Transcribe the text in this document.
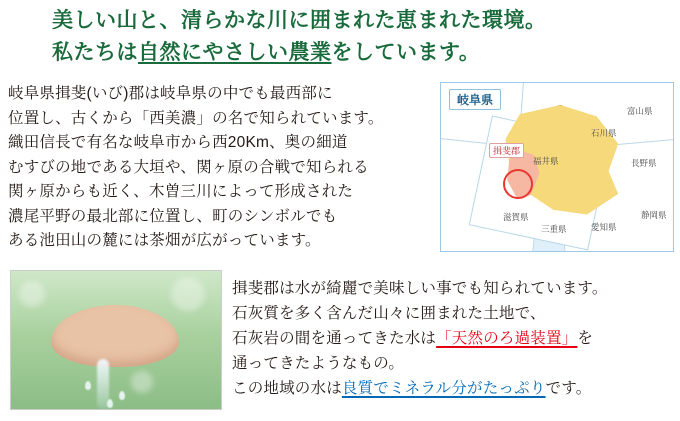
美しい山と、清らかな川に囲まれた恵まれた環境。
私たちは自然にやさしい農業をしています。
岐阜県揖斐(いび)郡は岐阜県の中でも最西部に
位置し、古くから「西美濃」の名で知られています。
織田信長で有名な岐阜市から西20Km、奥の細道
むすびの地である大垣や、関ヶ原の合戦で知られる
関ヶ原からも近く、木曽三川によって形成された
濃尾平野の最北部に位置し、町のシンボルでも
ある池田山の麓には茶畑が広がっています。
揖斐郡
岐阜県
富山県
石川県
福井県	長野県
滋賀県
三重県	愛知県
静岡県
揖斐郡は水が綺麗で美味しい事でも知られています。
石灰質を多く含んだ山々に囲まれた土地で、
石灰岩の間を通ってきた水は「天然のろ過装置」を
通ってきたようなもの。
この地域の水は良質でミネラル分がたっぷりです。
